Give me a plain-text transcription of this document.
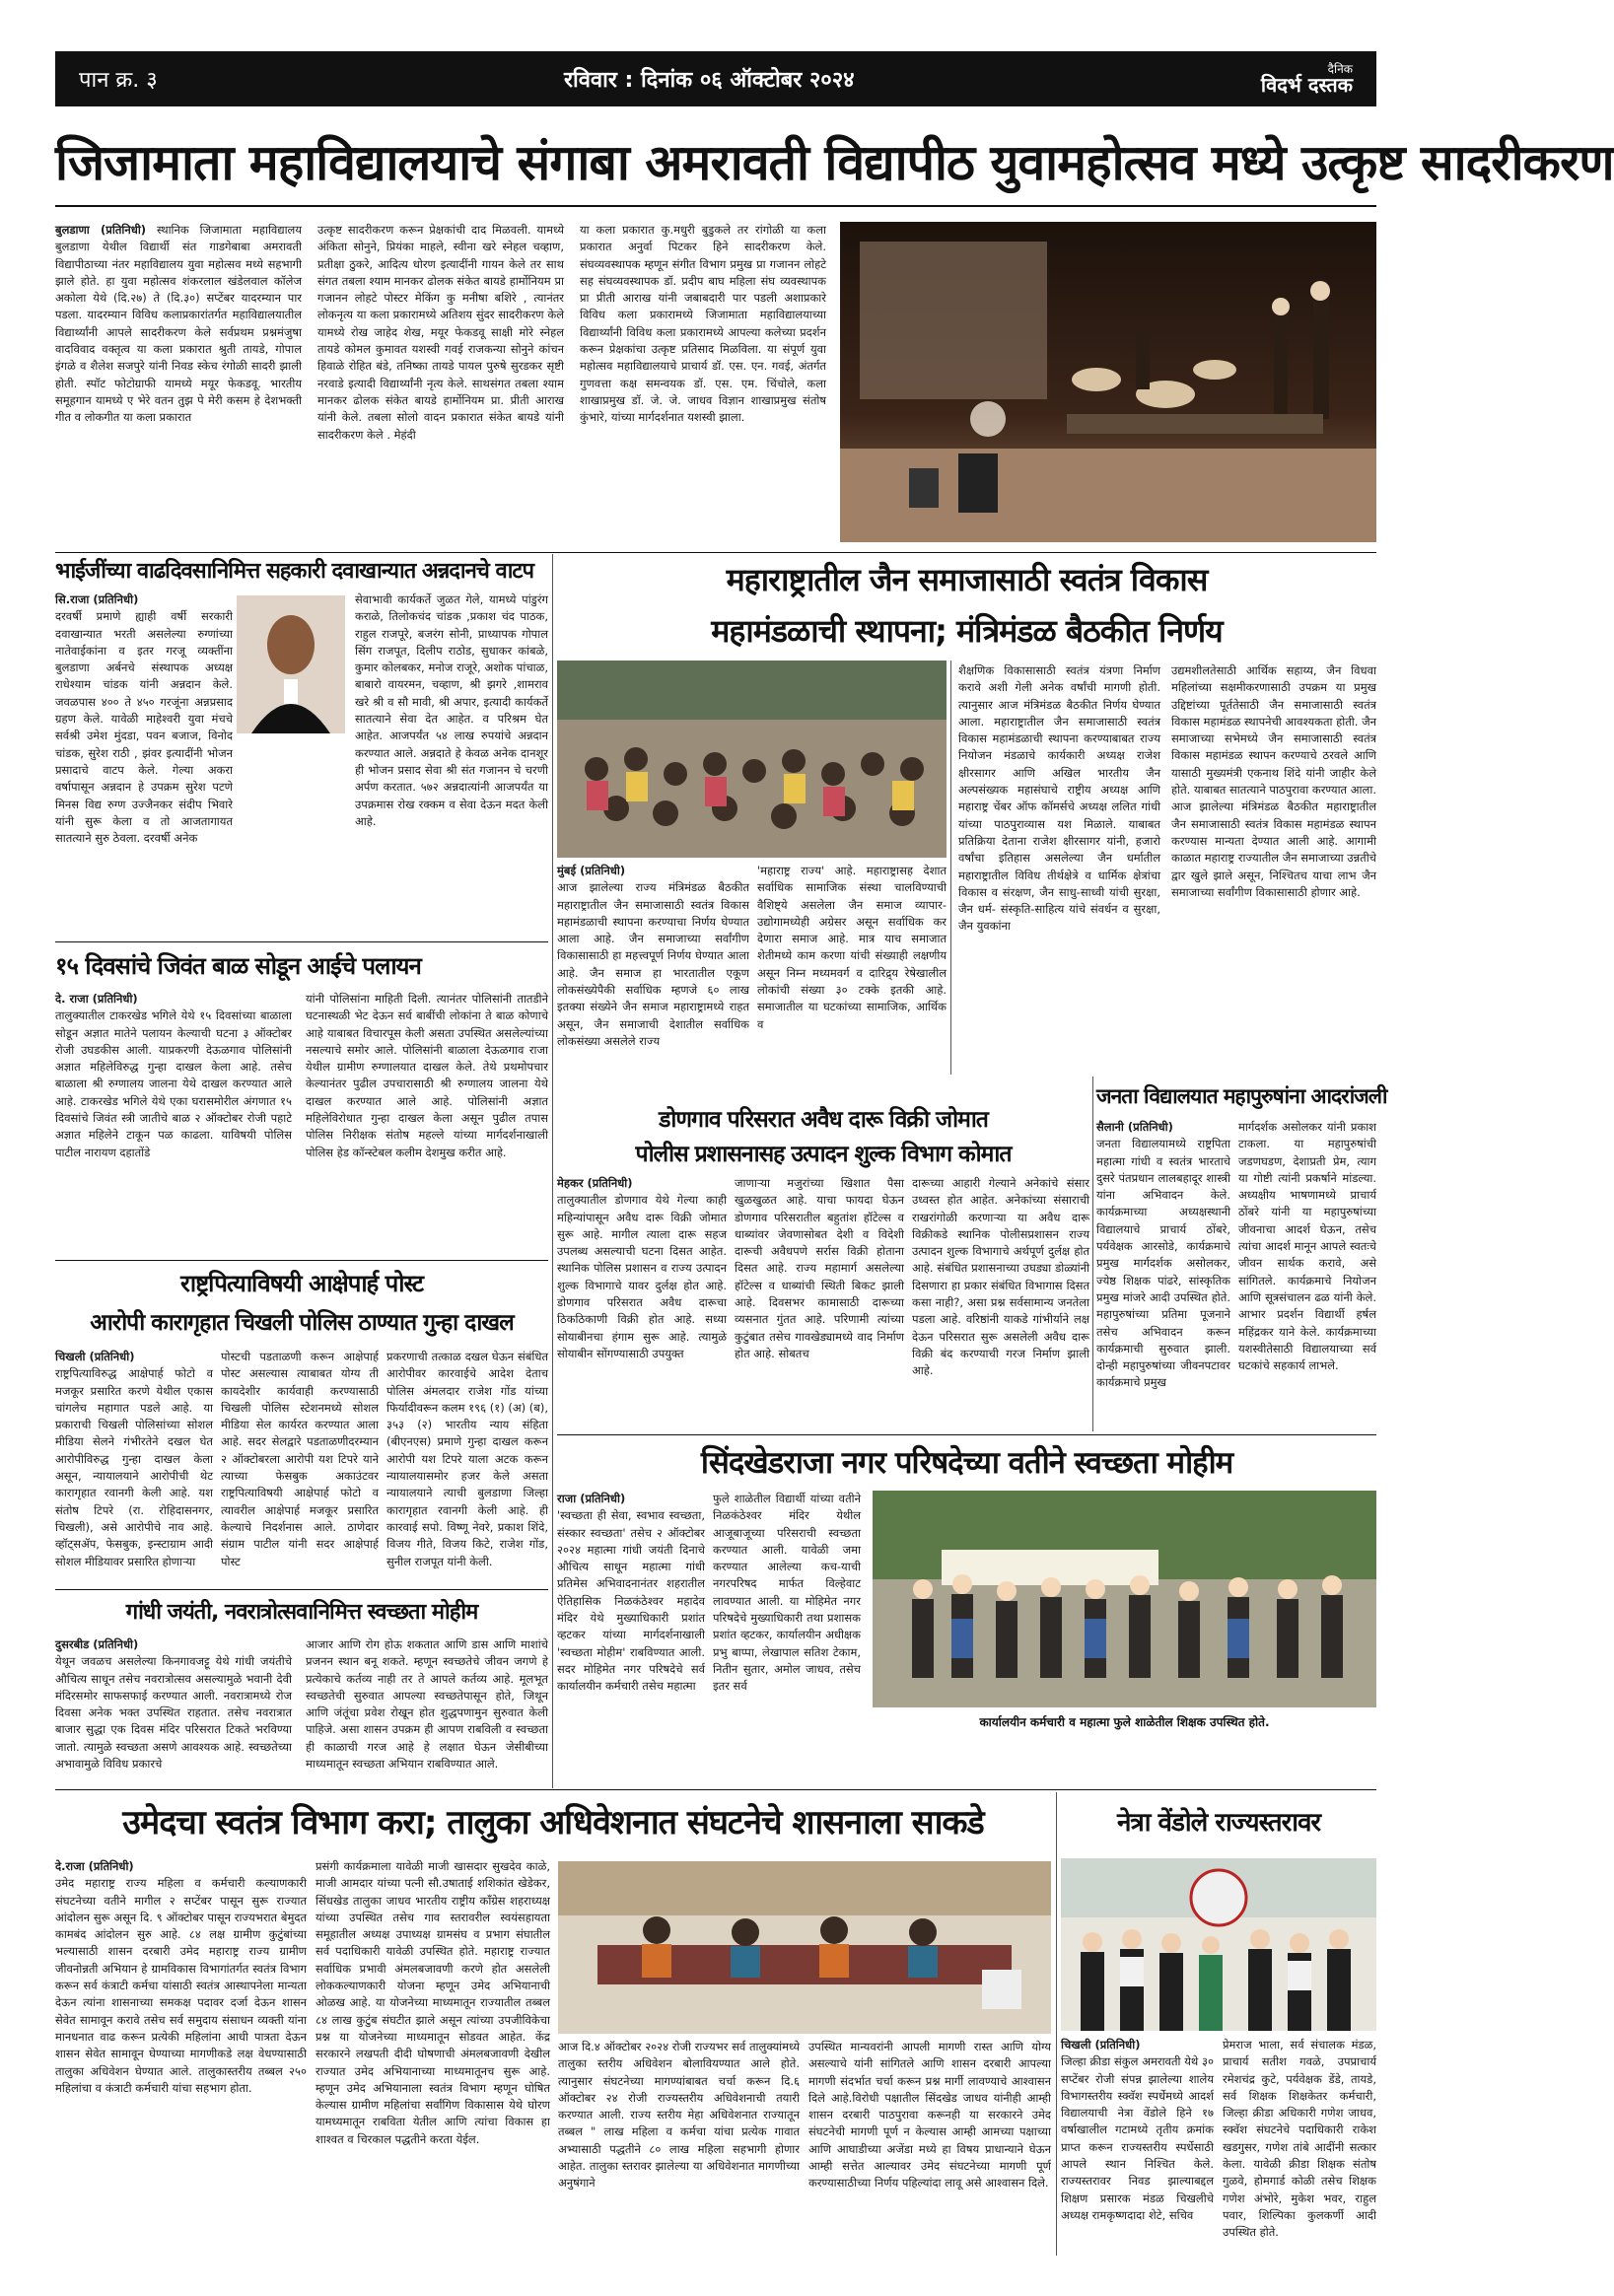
पान क्र. ३	रविवार : दिनांक ०६ ऑक्टोबर २०२४	दैनिक
विदर्भ दस्तक
जिजामाता महाविद्यालयाचे संगाबा अमरावती विद्यापीठ युवामहोत्सव मध्ये उत्कृष्ट सादरीकरण
बुलडाणा (प्रतिनिधी) स्थानिक जिजामाता महाविद्यालय बुलडाणा येथील विद्यार्थी संत गाडगेबाबा अमरावती विद्यापीठाच्या नंतर महाविद्यालय युवा महोत्सव मध्ये सहभागी झाले होते. हा युवा महोत्सव शंकरलाल खंडेलवाल कॉलेज अकोला येथे (दि.२७) ते (दि.३०) सप्टेंबर यादरम्यान पार पडला. यादरम्यान विविध कलाप्रकारांतर्गत महाविद्यालयातील विद्यार्थ्यांनी आपले सादरीकरण केले सर्वप्रथम प्रश्नमंजुषा वादविवाद वक्तृत्व या कला प्रकारात श्रुती तायडे, गोपाल इंगळे व शैलेश सजपुरे यांनी निवड स्केच रंगोळी सादरी झाली होती. स्पॉट फोटोग्राफी यामध्ये मयूर फेकडवू. भारतीय समूहगान यामध्ये ए भेरे वतन तुझ पे मेरी कसम हे देशभक्ती गीत व लोकगीत या कला प्रकारात
उत्कृष्ट सादरीकरण करून प्रेक्षकांची दाद मिळवली. यामध्ये अंकिता सोनुने, प्रियंका माहले, स्वीना खरे स्नेहल चव्हाण, प्रतीक्षा ठुकरे, आदित्य धोरण इत्यादींनी गायन केले तर साथ संगत तबला श्याम मानकर ढोलक संकेत बायडे हार्मोनियम प्रा गजानन लोहटे पोस्टर मेकिंग कु मनीषा बशिरे , त्यानंतर लोकनृत्य या कला प्रकारामध्ये अतिशय सुंदर सादरीकरण केले यामध्ये रोख जाहेद शेख, मयूर फेकडवू साक्षी मोरे स्नेहल तायडे कोमल कुमावत यशस्वी गवई राजकन्या सोनुने कांचन हिवाळे रोहित बंडे, तनिष्का तायडे पायल पुरुषे सुरडकर सृष्टी नरवाडे इत्यादी विद्यार्थ्यांनी नृत्य केले. साथसंगत तबला श्याम मानकर ढोलक संकेत बायडे हार्मोनियम प्रा. प्रीती आराख यांनी केले. तबला सोलो वादन प्रकारात संकेत बायडे यांनी सादरीकरण केले . मेहंदी
या कला प्रकारात कु.मधुरी बुडुकले तर रांगोळी या कला प्रकारात अनुर्वा पिटकर हिने सादरीकरण केले. संघव्यवस्थापक म्हणून संगीत विभाग प्रमुख प्रा गजानन लोहटे सह संघव्यवस्थापक डॉ. प्रदीप बाघ महिला संघ व्यवस्थापक प्रा प्रीती आराख यांनी जबाबदारी पार पडली अशाप्रकारे विविध कला प्रकारामध्ये जिजामाता महाविद्यालयाच्या विद्यार्थ्यांनी विविध कला प्रकारामध्ये आपल्या कलेच्या प्रदर्शन करून प्रेक्षकांचा उत्कृष्ट प्रतिसाद मिळविला. या संपूर्ण युवा महोत्सव महाविद्यालयाचे प्राचार्य डॉ. एस. एन. गवई, अंतर्गत गुणवत्ता कक्ष समन्वयक डॉ. एस. एम. चिंचोले, कला शाखाप्रमुख डॉ. जे. जे. जाधव विज्ञान शाखाप्रमुख संतोष कुंभारे, यांच्या मार्गदर्शनात यशस्वी झाला.
भाईजींच्या वाढदिवसानिमित्त सहकारी दवाखान्यात अन्नदानचे वाटप
सि.राजा (प्रतिनिधी)
दरवर्षी प्रमाणे ह्याही वर्षी सरकारी दवाखान्यात भरती असलेल्या रुग्णांच्या नातेवाईकांना व इतर गरजू व्यक्तींना बुलडाणा अर्बनचे संस्थापक अध्यक्ष राधेश्याम चांडक यांनी अन्नदान केले. जवळपास ४०० ते ४५० गरजूंना अन्नप्रसाद ग्रहण केले. यावेळी माहेश्वरी युवा मंचचे सर्वश्री उमेश मुंदडा, पवन बजाज, विनोद चांडक, सुरेश राठी , झंवर इत्यादींनी भोजन प्रसादाचे वाटप केले. गेल्या अकरा वर्षापासून अन्नदान हे उपक्रम सुरेश पटणे मिनस विद्य रुग्ण उज्जैनकर संदीप भिवारे यांनी सुरू केला व तो आजतागायत सातत्याने सुरु ठेवला. दरवर्षी अनेक
सेवाभावी कार्यकर्ते जुळत गेले, यामध्ये पांडुरंग कराळे, तिलोकचंद चांडक ,प्रकाश चंद पाठक, राहुल राजपूरे, बजरंग सोनी, प्राध्यापक गोपाल सिंग राजपूत, दिलीप राठोड, सुधाकर कांबळे, कुमार कोलबकर, मनोज राजूरे, अशोक पांचाळ, बाबारो वायरमन, चव्हाण, श्री झगरे ,शामराव खरे श्री व सौ मावी, श्री अपार, इत्यादी कार्यकर्ते सातत्याने सेवा देत आहेत. व परिश्रम घेत आहेत. आजपर्यंत ५४ लाख रुपयांचे अन्नदान करण्यात आले. अन्नदाते हे केवळ अनेक दानशूर ही भोजन प्रसाद सेवा श्री संत गजानन चे चरणी अर्पण करतात. ५७२ अन्नदात्यांनी आजपर्यंत या उपक्रमास रोख रक्कम व सेवा देऊन मदत केली आहे.
१५ दिवसांचे जिवंत बाळ सोडून आईचे पलायन
दे. राजा (प्रतिनिधी)
तालुक्यातील टाकरखेड भगिले येथे १५ दिवसांच्या बाळाला सोडून अज्ञात मातेने पलायन केल्याची घटना ३ ऑक्टोबर रोजी उघडकीस आली. याप्रकरणी देऊळगाव पोलिसांनी अज्ञात महिलेविरुद्ध गुन्हा दाखल केला आहे. तसेच बाळाला श्री रुग्णालय जालना येथे दाखल करण्यात आले आहे. टाकरखेड भगिले येथे एका घरासमोरील अंगणात १५ दिवसांचे जिवंत स्त्री जातीचे बाळ २ ऑक्टोबर रोजी पहाटे अज्ञात महिलेने टाकून पळ काढला. याविषयी पोलिस पाटील नारायण दहातोंडे
यांनी पोलिसांना माहिती दिली. त्यानंतर पोलिसांनी तातडीने घटनास्थळी भेट देऊन सर्व बाबींची लोकांना ते बाळ कोणाचे आहे याबाबत विचारपूस केली असता उपस्थित असलेल्यांच्या नसल्याचे समोर आले. पोलिसांनी बाळाला देऊळगाव राजा येथील ग्रामीण रुग्णालयात दाखल केले. तेथे प्रथमोपचार केल्यानंतर पुढील उपचारासाठी श्री रुग्णालय जालना येथे दाखल करण्यात आले आहे. पोलिसांनी अज्ञात महिलेविरोधात गुन्हा दाखल केला असून पुढील तपास पोलिस निरीक्षक संतोष महल्ले यांच्या मार्गदर्शनाखाली पोलिस हेड कॉन्स्टेबल कलीम देशमुख करीत आहे.
राष्ट्रपित्याविषयी आक्षेपार्ह पोस्ट
आरोपी कारागृहात चिखली पोलिस ठाण्यात गुन्हा दाखल
चिखली (प्रतिनिधी)
राष्ट्रपित्याविरुद्ध आक्षेपार्ह फोटो व मजकूर प्रसारित करणे येथील एकास चांगलेच महागात पडले आहे. या प्रकाराची चिखली पोलिसांच्या सोशल मीडिया सेलने गंभीरतेने दखल घेत आरोपीविरुद्ध गुन्हा दाखल केला असून, न्यायालयाने आरोपीची थेट कारागृहात रवानगी केली आहे. यश संतोष टिपरे (रा. रोहिदासनगर, चिखली), असे आरोपीचे नाव आहे. व्हॉट्सॲप, फेसबुक, इन्स्टाग्राम आदी सोशल मीडियावर प्रसारित होणाऱ्या
पोस्टची पडताळणी करून आक्षेपार्ह पोस्ट असल्यास त्याबाबत योग्य ती कायदेशीर कार्यवाही करण्यासाठी चिखली पोलिस स्टेशनमध्ये सोशल मीडिया सेल कार्यरत करण्यात आला आहे. सदर सेलद्वारे पडताळणीदरम्यान २ ऑक्टोबरला आरोपी यश टिपरे याने त्याच्या फेसबुक अकाउंटवर राष्ट्रपित्याविषयी आक्षेपार्ह फोटो व त्यावरील आक्षेपार्ह मजकूर प्रसारित केल्याचे निदर्शनास आले. ठाणेदार संग्राम पाटील यांनी सदर आक्षेपार्ह पोस्ट
प्रकरणाची तत्काळ दखल घेऊन संबंधित आरोपीवर कारवाईचे आदेश देताच पोलिस अंमलदार राजेश गोंड यांच्या फिर्यादीवरून कलम १९६ (१) (अ) (ब), ३५३ (२) भारतीय न्याय संहिता (बीएनएस) प्रमाणे गुन्हा दाखल करून आरोपी यश टिपरे याला अटक करून न्यायालयासमोर हजर केले असता न्यायालयाने त्याची बुलडाणा जिल्हा कारागृहात रवानगी केली आहे. ही कारवाई सपो. विष्णू नेवरे, प्रकाश शिंदे, विजय गीते, विजय किटे, राजेश गोंड, सुनील राजपूत यांनी केली.
गांधी जयंती, नवरात्रोत्सवानिमित्त स्वच्छता मोहीम
दुसरबीड (प्रतिनिधी)
येथून जवळच असलेल्या किनगावजट्टू येथे गांधी जयंतीचे औचित्य साधून तसेच नवरात्रोत्सव असल्यामुळे भवानी देवी मंदिरसमोर साफसफाई करण्यात आली. नवरात्रामध्ये रोज दिवसा अनेक भक्त उपस्थित राहतात. तसेच नवरात्रात बाजार सुद्धा एक दिवस मंदिर परिसरात टिकते भरविण्या जातो. त्यामुळे स्वच्छता असणे आवश्यक आहे. स्वच्छतेच्या अभावामुळे विविध प्रकारचे
आजार आणि रोग होऊ शकतात आणि डास आणि माशांचे प्रजनन स्थान बनू शकते. म्हणून स्वच्छतेचे जीवन जगणे हे प्रत्येकाचे कर्तव्य नाही तर ते आपले कर्तव्य आहे. मूलभूत स्वच्छतेची सुरुवात आपल्या स्वच्छतेपासून होते, जिथून आणि जंतूंचा प्रवेश रोखून होत शुद्धपणामुन सुरुवात केली पाहिजे. असा शासन उपक्रम ही आपण राबविली व स्वच्छता ही काळाची गरज आहे हे लक्षात घेऊन जेसीबीच्या माध्यमातून स्वच्छता अभियान राबविण्यात आले.
महाराष्ट्रातील जैन समाजासाठी स्वतंत्र विकास
महामंडळाची स्थापना; मंत्रिमंडळ बैठकीत निर्णय
मुंबई (प्रतिनिधी)
आज झालेल्या राज्य मंत्रिमंडळ बैठकीत महाराष्ट्रातील जैन समाजासाठी स्वतंत्र विकास महामंडळाची स्थापना करण्याचा निर्णय घेण्यात आला आहे. जैन समाजाच्या सर्वांगीण विकासासाठी हा महत्त्वपूर्ण निर्णय घेण्यात आला आहे. जैन समाज हा भारतातील एकूण लोकसंख्येपैकी सर्वाधिक म्हणजे ६० लाख इतक्या संख्येने जैन समाज महाराष्ट्रामध्ये राहत असून, जैन समाजाची देशातील सर्वाधिक लोकसंख्या असलेले राज्य
'महाराष्ट्र राज्य' आहे. महाराष्ट्रासह देशात सर्वाधिक सामाजिक संस्था चालविण्याची वैशिष्ट्ये असलेला जैन समाज व्यापार-उद्योगामध्येही अग्रेसर असून सर्वाधिक कर देणारा समाज आहे. मात्र याच समाजात शेतीमध्ये काम करणा यांची संख्याही लक्षणीय असून निम्न मध्यमवर्ग व दारिद्र्य रेषेखालील लोकांची संख्या ३० टक्के इतकी आहे. समाजातील या घटकांच्या सामाजिक, आर्थिक व
शैक्षणिक विकासासाठी स्वतंत्र यंत्रणा निर्माण करावे अशी गेली अनेक वर्षांची मागणी होती. त्यानुसार आज मंत्रिमंडळ बैठकीत निर्णय घेण्यात आला. महाराष्ट्रातील जैन समाजासाठी स्वतंत्र विकास महामंडळाची स्थापना करण्याबाबत राज्य नियोजन मंडळाचे कार्यकारी अध्यक्ष राजेश क्षीरसागर आणि अखिल भारतीय जैन अल्पसंख्यक महासंघाचे राष्ट्रीय अध्यक्ष आणि महाराष्ट्र चेंबर ऑफ कॉमर्सचे अध्यक्ष ललित गांधी यांच्या पाठपुराव्यास यश मिळाले. याबाबत प्रतिक्रिया देताना राजेश क्षीरसागर यांनी, हजारो वर्षांचा इतिहास असलेल्या जैन धर्मातील महाराष्ट्रातील विविध तीर्थक्षेत्रे व धार्मिक क्षेत्रांचा विकास व संरक्षण, जैन साधु-साध्वी यांची सुरक्षा, जैन धर्म- संस्कृति-साहित्य यांचे संवर्धन व सुरक्षा, जैन युवकांना
उद्यमशीलतेसाठी आर्थिक सहाय्य, जैन विधवा महिलांच्या सक्षमीकरणासाठी उपक्रम या प्रमुख उद्दिष्टांच्या पूर्ततेसाठी जैन समाजासाठी स्वतंत्र विकास महामंडळ स्थापनेची आवश्यकता होती. जैन समाजाच्या सभेमध्ये जैन समाजासाठी स्वतंत्र विकास महामंडळ स्थापन करण्याचे ठरवले आणि यासाठी मुख्यमंत्री एकनाथ शिंदे यांनी जाहीर केले होते. याबाबत सातत्याने पाठपुरावा करण्यात आला. आज झालेल्या मंत्रिमंडळ बैठकीत महाराष्ट्रातील जैन समाजासाठी स्वतंत्र विकास महामंडळ स्थापन करण्यास मान्यता देण्यात आली आहे. आगामी काळात महाराष्ट्र राज्यातील जैन समाजाच्या उन्नतीचे द्वार खुले झाले असून, निश्चितच याचा लाभ जैन समाजाच्या सर्वांगीण विकासासाठी होणार आहे.
डोणगाव परिसरात अवैध दारू विक्री जोमात
पोलीस प्रशासनासह उत्पादन शुल्क विभाग कोमात
मेहकर (प्रतिनिधी)
तालुक्यातील डोणगाव येथे गेल्या काही महिन्यांपासून अवैध दारू विक्री जोमात सुरू आहे. मागील त्याला दारू सहज उपलब्ध असल्याची घटना दिसत आहेत. स्थानिक पोलिस प्रशासन व राज्य उत्पादन शुल्क विभागाचे यावर दुर्लक्ष होत आहे. डोणगाव परिसरात अवैध दारूचा ठिकठिकाणी विक्री होत आहे. सध्या सोयाबीनचा हंगाम सुरू आहे. त्यामुळे सोयाबीन सोंगण्यासाठी उपयुक्त
जाणाऱ्या मजुरांच्या खिशात पैसा खुळखुळत आहे. याचा फायदा घेऊन डोणगाव परिसरातील बहुतांश हॉटेल्स व धाब्यांवर जेवणासोबत देशी व विदेशी दारूची अवैधपणे सर्रास विक्री होताना दिसत आहे. राज्य महामार्ग असलेल्या हॉटेल्स व धाब्यांची स्थिती बिकट झाली आहे. दिवसभर कामासाठी दारूच्या व्यसनात गुंतत आहे. परिणामी त्यांच्या कुटुंबात तसेच गावखेड्यामध्ये वाद निर्माण होत आहे. सोबतच
दारूच्या आहारी गेल्याने अनेकांचे संसार उध्वस्त होत आहेत. अनेकांच्या संसाराची राखरांगोळी करणाऱ्या या अवैध दारू विक्रीकडे स्थानिक पोलीसप्रशासन राज्य उत्पादन शुल्क विभागाचे अर्थपूर्ण दुर्लक्ष होत आहे. संबंधित प्रशासनाच्या उघड्या डोळ्यांनी दिसणारा हा प्रकार संबंधित विभागास दिसत कसा नाही?, असा प्रश्न सर्वसामान्य जनतेला पडला आहे. वरिष्ठांनी याकडे गांभीर्याने लक्ष देऊन परिसरात सुरू असलेली अवैध दारू विक्री बंद करण्याची गरज निर्माण झाली आहे.
जनता विद्यालयात महापुरुषांना आदरांजली
सैलानी (प्रतिनिधी)
जनता विद्यालयामध्ये राष्ट्रपिता महात्मा गांधी व स्वतंत्र भारताचे दुसरे पंतप्रधान लालबहादूर शास्त्री यांना अभिवादन केले. कार्यक्रमाच्या अध्यक्षस्थानी विद्यालयाचे प्राचार्य ठोंबरे, पर्यवेक्षक आरसोडे, कार्यक्रमाचे प्रमुख मार्गदर्शक असोलकर, ज्येष्ठ शिक्षक पांढरे, सांस्कृतिक प्रमुख मांजरे आदी उपस्थित होते. महापुरुषांच्या प्रतिमा पूजनाने तसेच अभिवादन करून कार्यक्रमाची सुरुवात झाली. दोन्ही महापुरुषांच्या जीवनपटावर कार्यक्रमाचे प्रमुख
मार्गदर्शक असोलकर यांनी प्रकाश टाकला. या महापुरुषांची जडणघडण, देशाप्रती प्रेम, त्याग या गोष्टी त्यांनी प्रकर्षाने मांडल्या. अध्यक्षीय भाषणामध्ये प्राचार्य ठोंबरे यांनी या महापुरुषांच्या जीवनाचा आदर्श घेऊन, तसेच त्यांचा आदर्श मानून आपले स्वतःचे जीवन सार्थक करावे, असे सांगितले. कार्यक्रमाचे नियोजन आणि सूत्रसंचालन ढळ यांनी केले. आभार प्रदर्शन विद्यार्थी हर्षल महिंद्रकर याने केले. कार्यक्रमाच्या यशस्वीतेसाठी विद्यालयाच्या सर्व घटकांचे सहकार्य लाभले.
सिंदखेडराजा नगर परिषदेच्या वतीने स्वच्छता मोहीम
राजा (प्रतिनिधी)
'स्वच्छता ही सेवा, स्वभाव स्वच्छता, संस्कार स्वच्छता' तसेच २ ऑक्टोबर २०२४ महात्मा गांधी जयंती दिनाचे औचित्य साधून महात्मा गांधी प्रतिमेस अभिवादनानंतर शहरातील ऐतिहासिक निळकंठेश्वर महादेव मंदिर येथे मुख्याधिकारी प्रशांत व्हटकर यांच्या मार्गदर्शनाखाली 'स्वच्छता मोहीम' राबविण्यात आली. सदर मोहिमेत नगर परिषदेचे सर्व कार्यालयीन कर्मचारी तसेच महात्मा
फुले शाळेतील विद्यार्थी यांच्या वतीने निळकंठेश्वर मंदिर येथील आजूबाजूच्या परिसराची स्वच्छता करण्यात आली. यावेळी जमा करण्यात आलेल्या कच-याची नगरपरिषद मार्फत विल्हेवाट लावण्यात आली. या मोहिमेत नगर परिषदेचे मुख्याधिकारी तथा प्रशासक प्रशांत व्हटकर, कार्यालयीन अधीक्षक प्रभु बाप्पा, लेखापाल सतिश टेकाम, नितीन सुतार, अमोल जाधव, तसेच इतर सर्व
कार्यालयीन कर्मचारी व महात्मा फुले शाळेतील शिक्षक उपस्थित होते.
उमेदचा स्वतंत्र विभाग करा; तालुका अधिवेशनात संघटनेचे शासनाला साकडे
दे.राजा (प्रतिनिधी)
उमेद महाराष्ट्र राज्य महिला व कर्मचारी कल्याणकारी संघटनेच्या वतीने मागील २ सप्टेंबर पासून सुरू राज्यात आंदोलन सुरू असून दि. ९ ऑक्टोबर पासून राज्यभरात बेमुदत कामबंद आंदोलन सुरु आहे. ८४ लक्ष ग्रामीण कुटुंबांच्या भल्यासाठी शासन दरबारी उमेद महाराष्ट्र राज्य ग्रामीण जीवनोन्नती अभियान हे ग्रामविकास विभागांतर्गत स्वतंत्र विभाग करून सर्व कंत्राटी कर्मचा यांसाठी स्वतंत्र आस्थापनेला मान्यता देऊन त्यांना शासनाच्या समकक्ष पदावर दर्जा देऊन शासन सेवेत सामावून करावे तसेच सर्व समुदाय संसाधन व्यक्ती यांना मानधनात वाढ करून प्रत्येकी महिलांना आधी पात्रता देऊन शासन सेवेत सामावून घेण्याच्या मागणीकडे लक्ष वेधण्यासाठी तालुका अधिवेशन घेण्यात आले. तालुकास्तरीय तब्बल २५० महिलांचा व कंत्राटी कर्मचारी यांचा सहभाग होता.
प्रसंगी कार्यक्रमाला यावेळी माजी खासदार सुखदेव काळे, माजी आमदार यांच्या पत्नी सौ.उषाताई शशिकांत खेडेकर, सिंधखेड तालुका जाधव भारतीय राष्ट्रीय काँग्रेस शहराध्यक्ष यांच्या उपस्थित तसेच गाव स्तरावरील स्वयंसहायता समूहातील अध्यक्ष उपाध्यक्ष ग्रामसंघ व प्रभाग संघातील सर्व पदाधिकारी यावेळी उपस्थित होते. महाराष्ट्र राज्यात सर्वाधिक प्रभावी अंमलबजावणी करणे होत असलेली लोककल्याणकारी योजना म्हणून उमेद अभियानाची ओळख आहे. या योजनेच्या माध्यमातून राज्यातील तब्बल ८४ लाख कुटुंब संघटीत झाले असून त्यांच्या उपजीविकेचा प्रश्न या योजनेच्या माध्यमातून सोडवत आहेत. केंद्र सरकारने लखपती दीदी घोषणाची अंमलबजावणी देखील राज्यात उमेद अभियानाच्या माध्यमातूनच सुरू आहे. म्हणून उमेद अभियानाला स्वतंत्र विभाग म्हणून घोषित केल्यास ग्रामीण महिलांचा सर्वांगिण विकासास येथे घोरण यामध्यमातून राबविता येतील आणि त्यांचा विकास हा शाश्वत व चिरकाल पद्धतीने करता येईल.
आज दि.४ ऑक्टोबर २०२४ रोजी राज्यभर सर्व तालुक्यांमध्ये तालुका स्तरीय अधिवेशन बोलावियण्यात आले होते. त्यानुसार संघटनेच्या मागण्यांबाबत चर्चा करून दि.६ ऑक्टोबर २४ रोजी राज्यस्तरीय अधिवेशनाची तयारी करण्यात आली. राज्य स्तरीय मेहा अधिवेशनात राज्यातून तब्बल " लाख महिला व कर्मचा यांचा प्रत्येक गावात अभ्यासाठी पद्धतीने ८० लाख महिला सहभागी होणार आहेत. तालुका स्तरावर झालेल्या या अधिवेशनात मागणीच्या अनुषंगाने
उपस्थित मान्यवरांनी आपली मागणी रास्त आणि योग्य असल्याचे यांनी सांगितले आणि शासन दरबारी आपल्या मागणी संदर्भात चर्चा करून प्रश्न मार्गी लावण्याचे आश्वासन दिले आहे.विरोधी पक्षातील सिंदखेड जाधव यांनीही आम्ही शासन दरबारी पाठपुरावा करूनही या सरकारने उमेद संघटनेची मागणी पूर्ण न केल्यास आम्ही आमच्या पक्षाच्या आणि आघाडीच्या अजेंडा मध्ये हा विषय प्राधान्याने घेऊन आम्ही सत्तेत आल्यावर उमेद संघटनेच्या मागणी पूर्ण करण्यासाठीच्या निर्णय पहिल्यांदा लावू असे आश्वासन दिले.
नेत्रा वेंडोले राज्यस्तरावर
चिखली (प्रतिनिधी)
जिल्हा क्रीडा संकुल अमरावती येथे ३० सप्टेंबर रोजी संपन्न झालेल्या शालेय विभागस्तरीय स्क्वॅश स्पर्धेमध्ये आदर्श विद्यालयाची नेत्रा वेंडोले हिने १७ वर्षाखालील गटामध्ये तृतीय क्रमांक प्राप्त करून राज्यस्तरीय स्पर्धेसाठी आपले स्थान निश्चित केले. राज्यस्तरावर निवड झाल्याबद्दल शिक्षण प्रसारक मंडळ चिखलीचे अध्यक्ष रामकृष्णदादा शेटे, सचिव
प्रेमराज भाला, सर्व संचालक मंडळ, प्राचार्य सतीश गवळे, उपप्राचार्य रमेशचंद्र कुटे, पर्यवेक्षक डेंडे, तायडे, सर्व शिक्षक शिक्षकेतर कर्मचारी, जिल्हा क्रीडा अधिकारी गणेश जाधव, स्क्वॅश संघटनेचे पदाधिकारी राकेश खडगुसर, गणेश तांबे आदींनी सत्कार केला. यावेळी क्रीडा शिक्षक संतोष गुळवे, होमगार्ड कोळी तसेच शिक्षक गणेश अंभोरे, मुकेश भवर, राहुल पवार, शिल्पिका कुलकर्णी आदी उपस्थित होते.
